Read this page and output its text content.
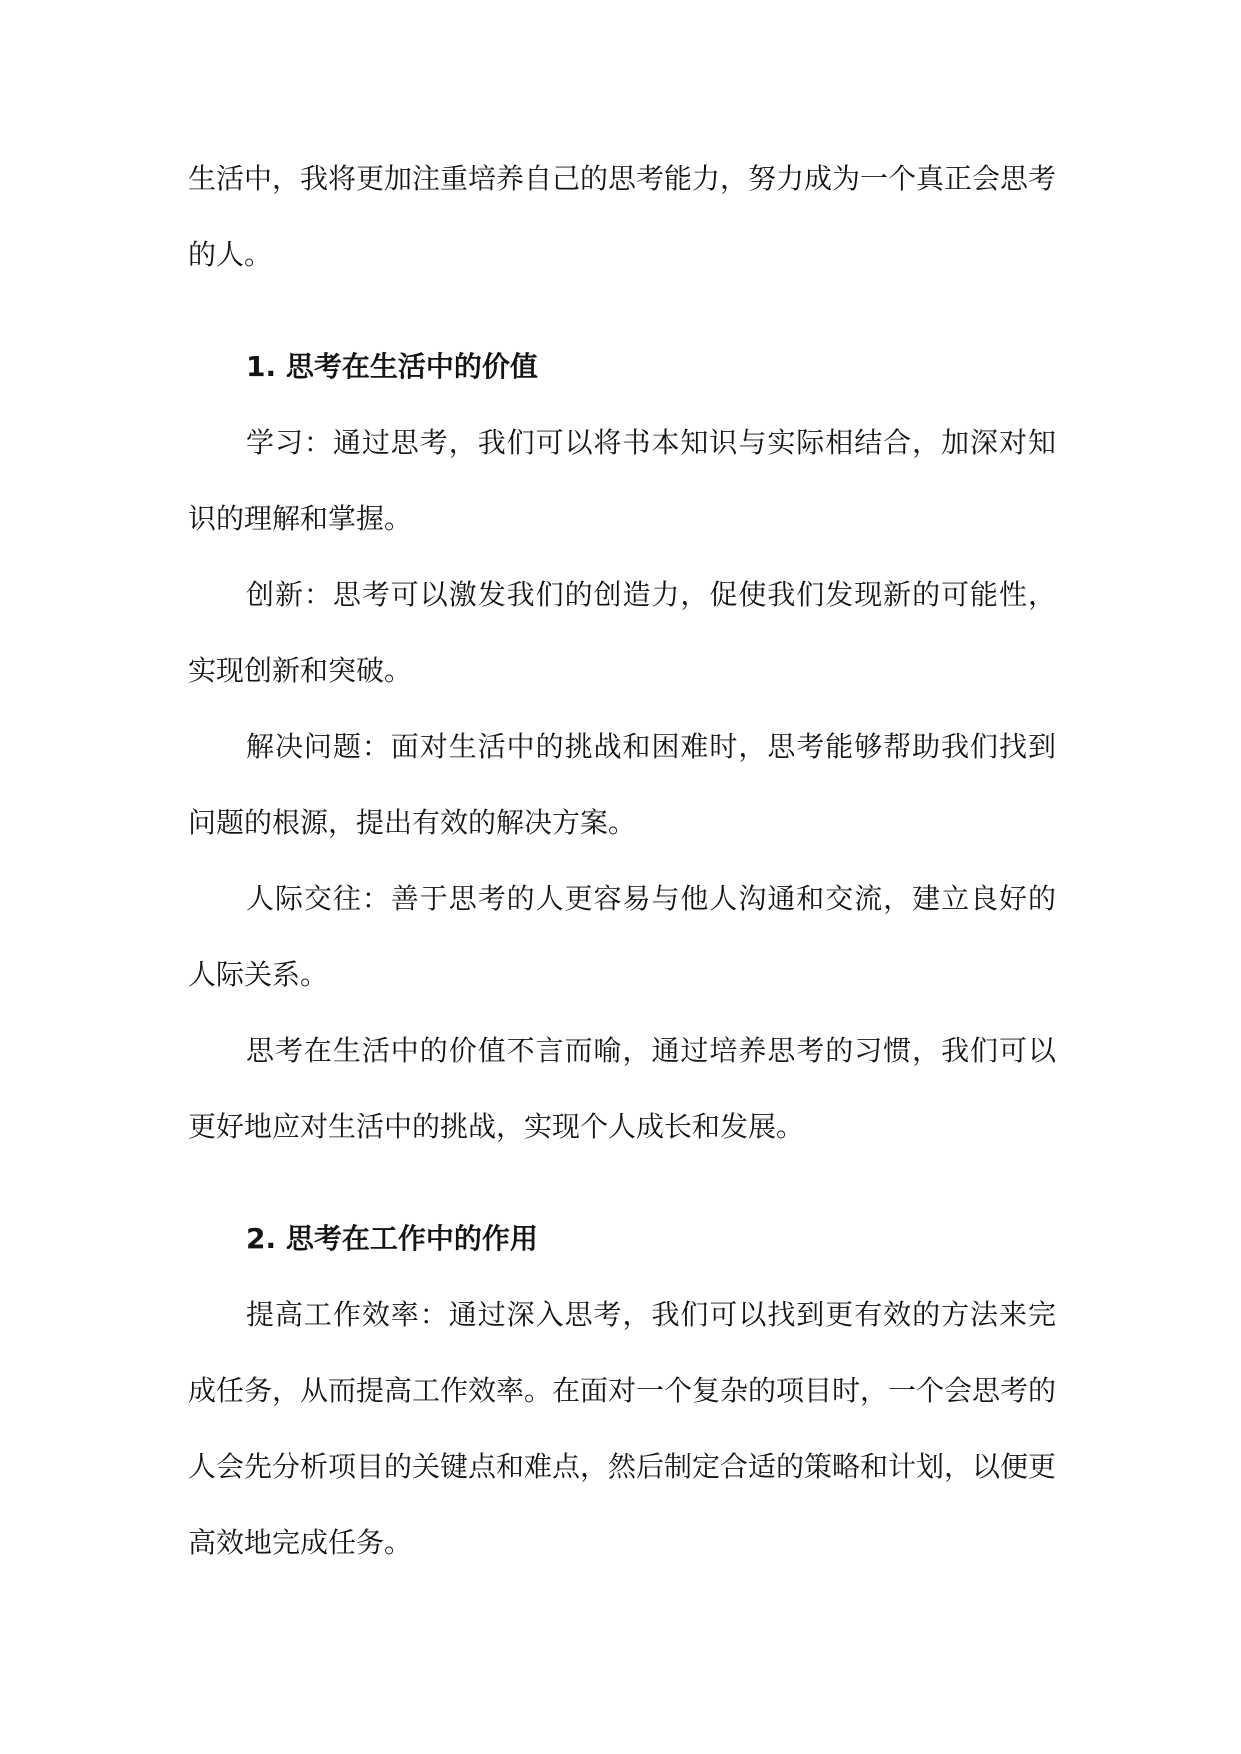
生活中，我将更加注重培养自己的思考能力，努力成为一个真正会思考的人。

1. 思考在生活中的价值

学习：通过思考，我们可以将书本知识与实际相结合，加深对知识的理解和掌握。

创新：思考可以激发我们的创造力，促使我们发现新的可能性，实现创新和突破。

解决问题：面对生活中的挑战和困难时，思考能够帮助我们找到问题的根源，提出有效的解决方案。

人际交往：善于思考的人更容易与他人沟通和交流，建立良好的人际关系。

思考在生活中的价值不言而喻，通过培养思考的习惯，我们可以更好地应对生活中的挑战，实现个人成长和发展。

2. 思考在工作中的作用

提高工作效率：通过深入思考，我们可以找到更有效的方法来完成任务，从而提高工作效率。在面对一个复杂的项目时，一个会思考的人会先分析项目的关键点和难点，然后制定合适的策略和计划，以便更高效地完成任务。
